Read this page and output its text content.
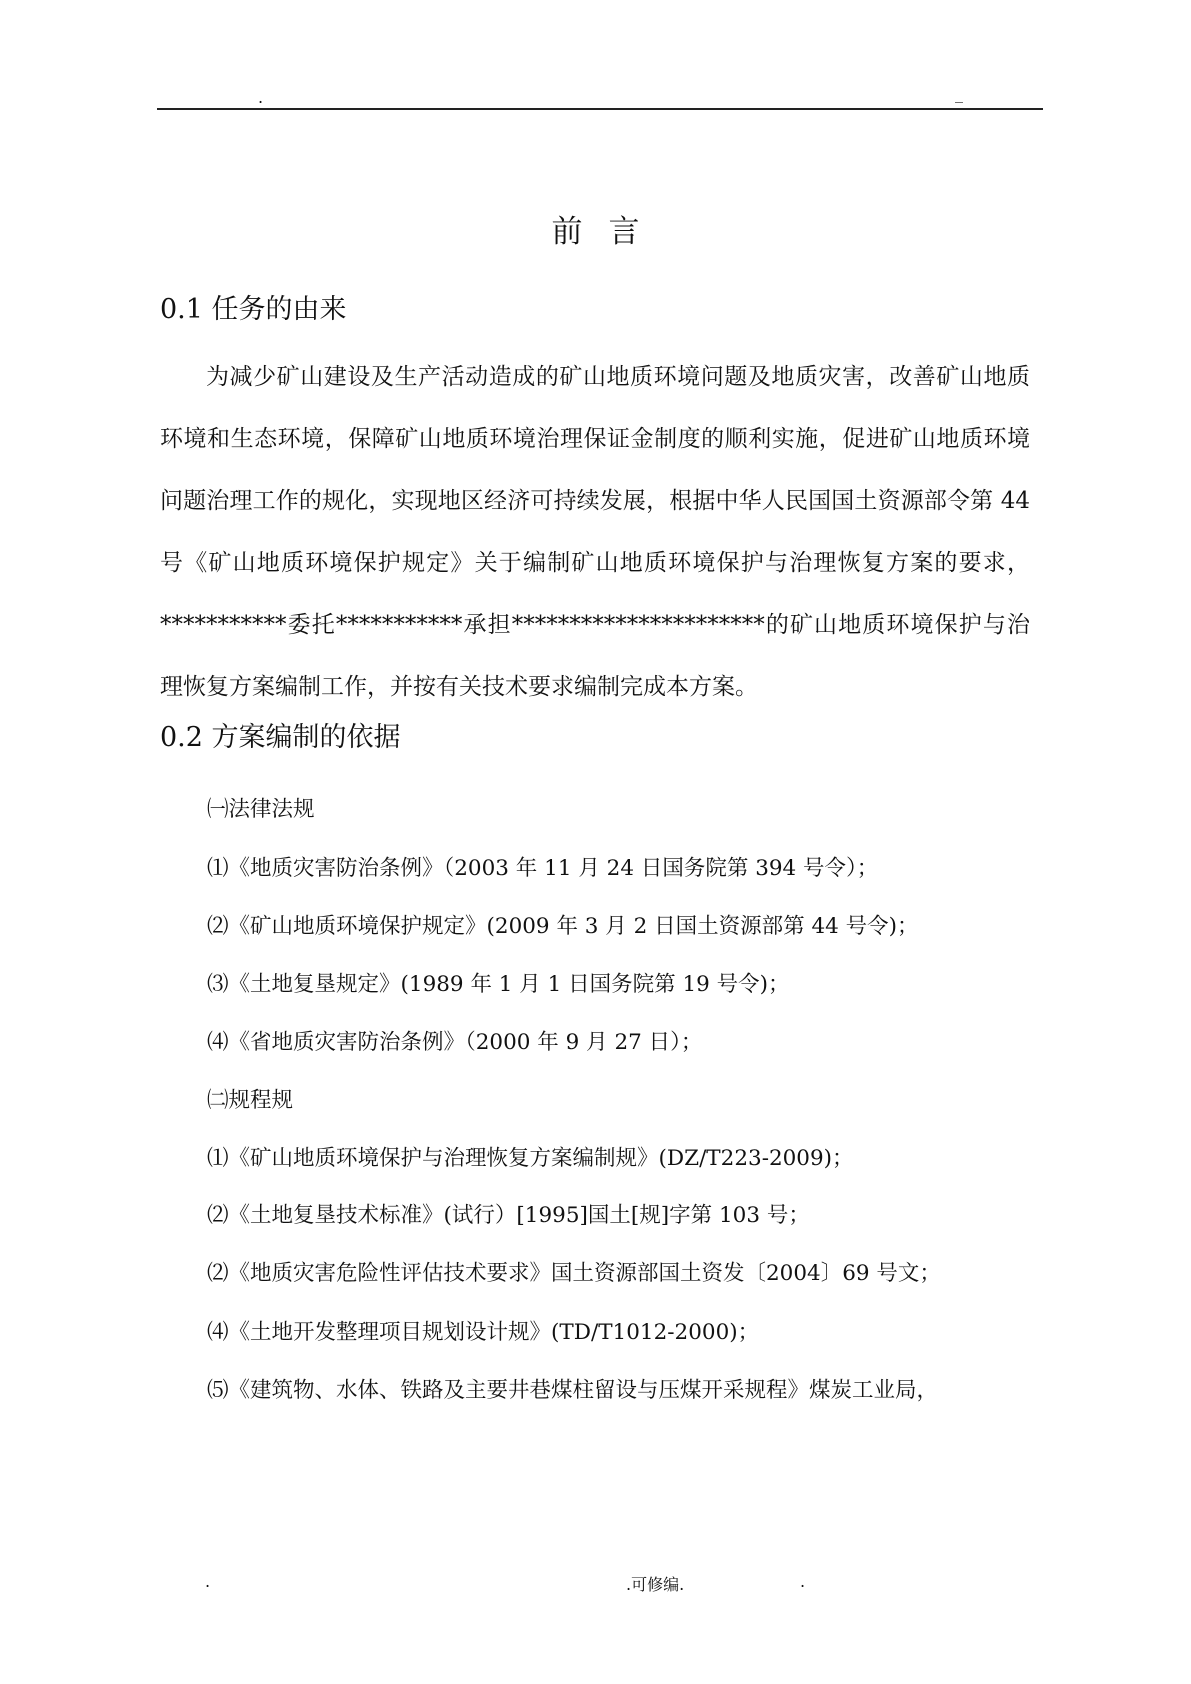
.	_
前言
0.1 任务的由来
为减少矿山建设及生产活动造成的矿山地质环境问题及地质灾害，改善矿山地质环境和生态环境，保障矿山地质环境治理保证金制度的顺利实施，促进矿山地质环境问题治理工作的规化，实现地区经济可持续发展，根据中华人民国国土资源部令第 44 号《矿山地质环境保护规定》关于编制矿山地质环境保护与治理恢复方案的要求，***********委托***********承担**********************的矿山地质环境保护与治理恢复方案编制工作，并按有关技术要求编制完成本方案。
0.2 方案编制的依据
㈠法律法规
⑴《地质灾害防治条例》（2003 年 11 月 24 日国务院第 394 号令）；
⑵《矿山地质环境保护规定》(2009 年 3 月 2 日国土资源部第 44 号令)；
⑶《土地复垦规定》(1989 年 1 月 1 日国务院第 19 号令)；
⑷《省地质灾害防治条例》（2000 年 9 月 27 日）；
㈡规程规
⑴《矿山地质环境保护与治理恢复方案编制规》(DZ/T223-2009)；
⑵《土地复垦技术标准》(试行）[1995]国土[规]字第 103 号；
⑵《地质灾害危险性评估技术要求》国土资源部国土资发〔2004〕69 号文；
⑷《土地开发整理项目规划设计规》(TD/T1012-2000)；
⑸《建筑物、水体、铁路及主要井巷煤柱留设与压煤开采规程》煤炭工业局，
.	.可修编.	.
